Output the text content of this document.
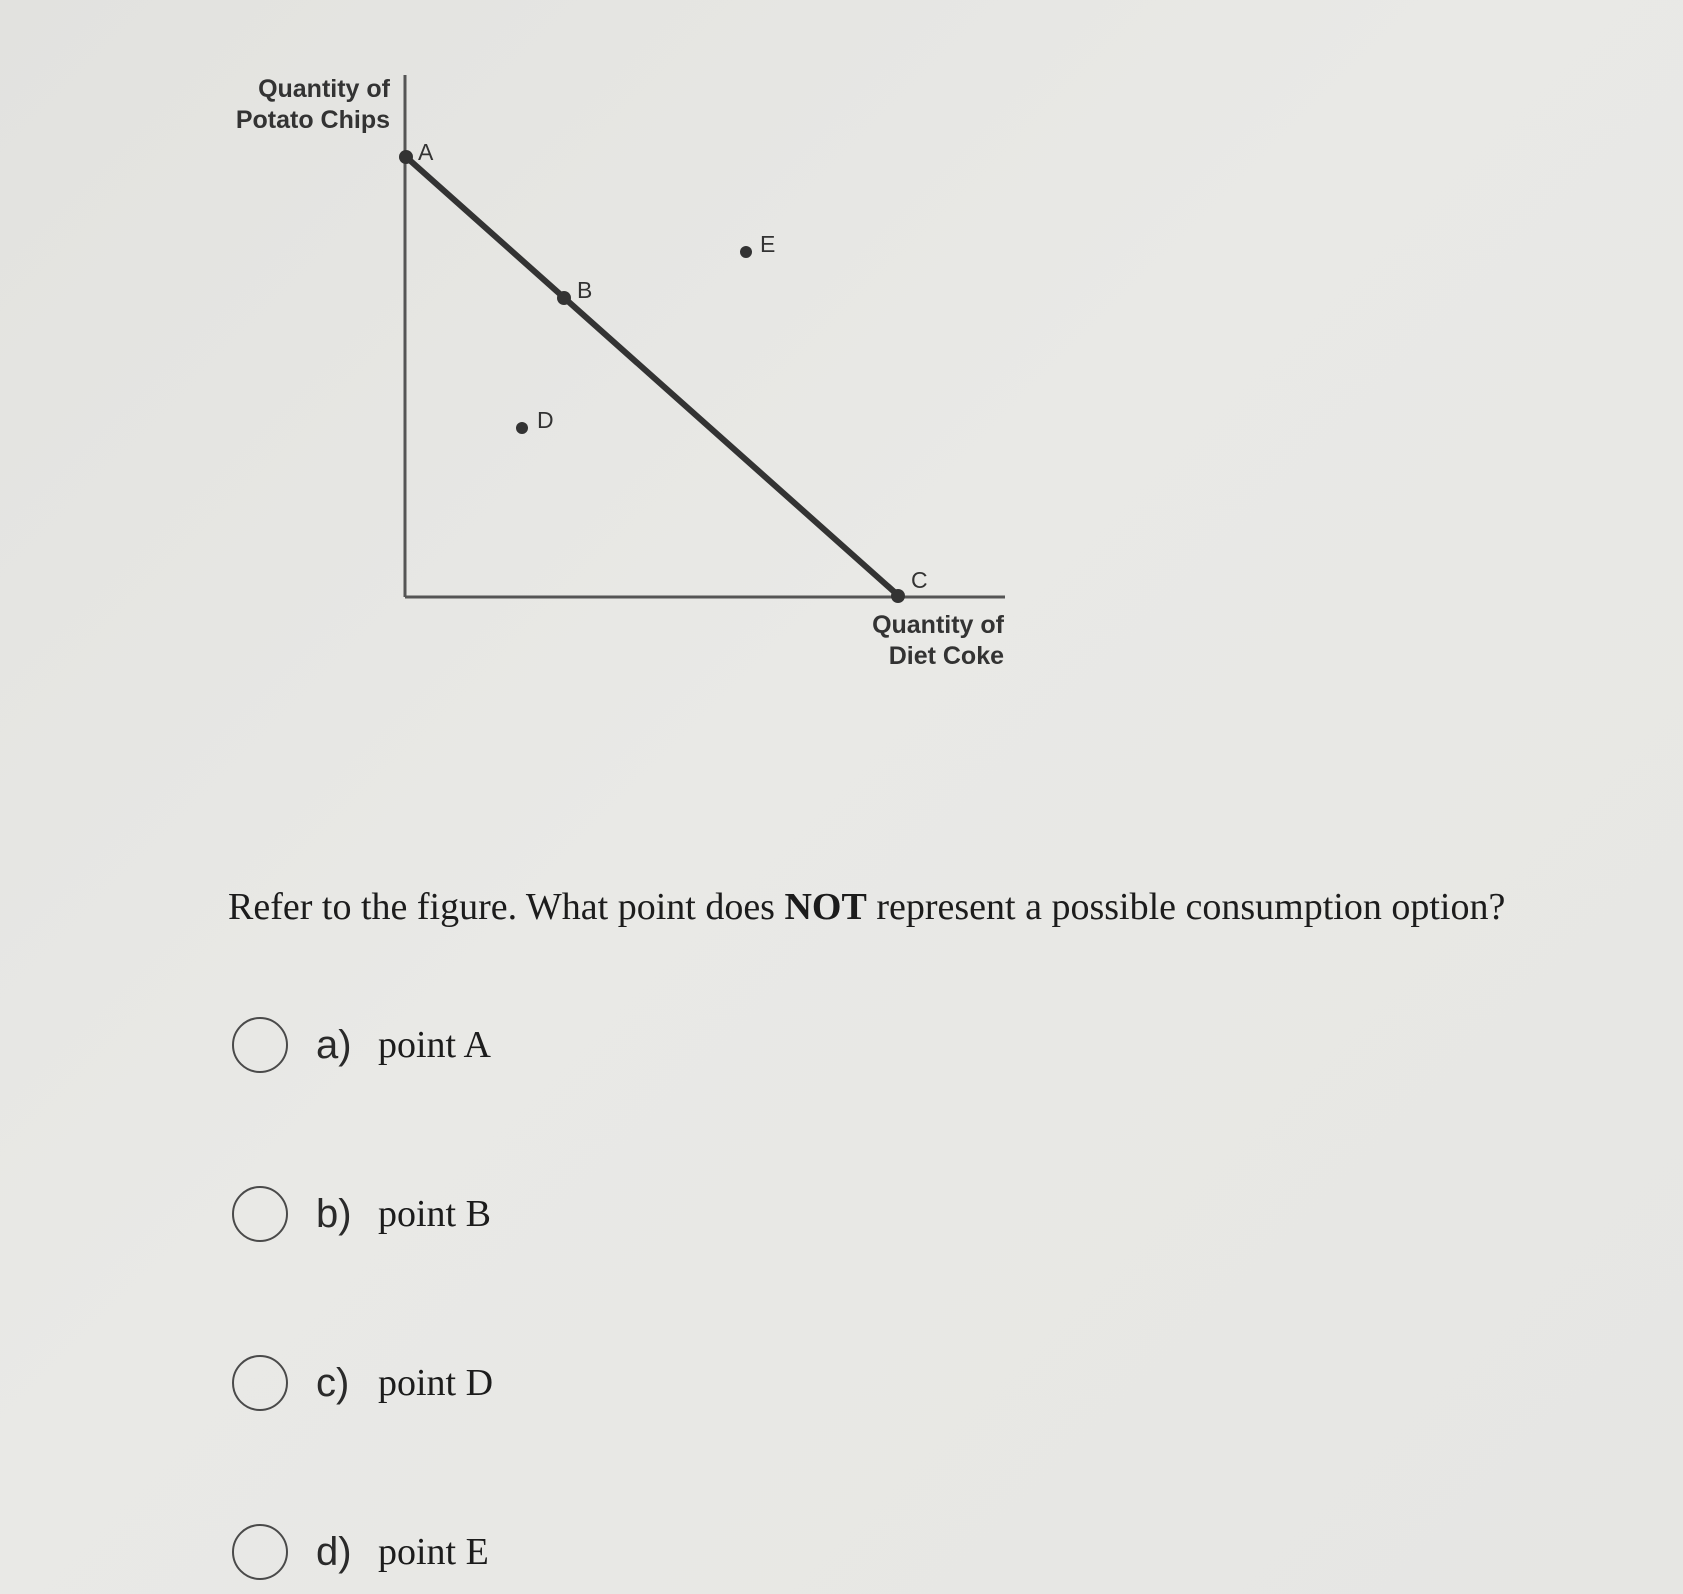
A
B
C
D
E
Quantity of
Potato Chips
Quantity of
Diet Coke
Refer to the figure. What point does NOT represent a possible consumption option?
a) point A
b) point B
c) point D
d) point E
